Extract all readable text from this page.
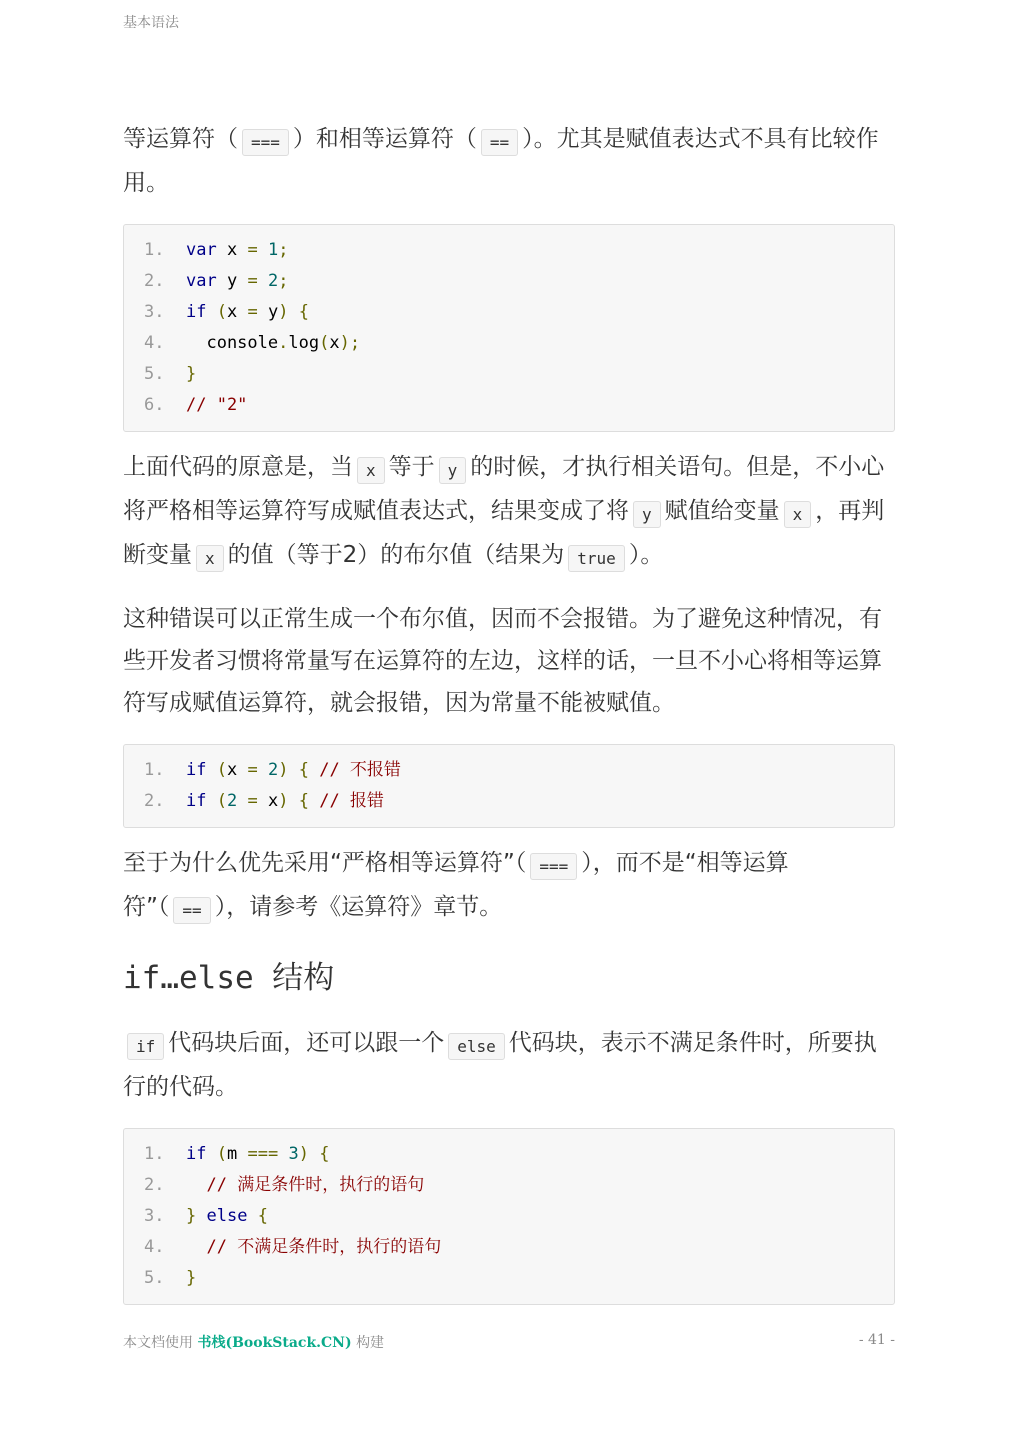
基本语法

等运算符（ === ）和相等运算符（ == ）。尤其是赋值表达式不具有比较作用。

1. var x = 1;
2. var y = 2;
3. if (x = y) {
4.  console.log(x);
5. }
6. // "2"

上面代码的原意是，当 x 等于 y 的时候，才执行相关语句。但是，不小心将严格相等运算符写成赋值表达式，结果变成了将 y 赋值给变量 x ，再判断变量 x 的值（等于2）的布尔值（结果为 true ）。

这种错误可以正常生成一个布尔值，因而不会报错。为了避免这种情况，有些开发者习惯将常量写在运算符的左边，这样的话，一旦不小心将相等运算符写成赋值运算符，就会报错，因为常量不能被赋值。

1. if (x = 2) { // 不报错
2. if (2 = x) { // 报错

至于为什么优先采用“严格相等运算符”（ === ），而不是“相等运算符”（ == ），请参考《运算符》章节。

if…else 结构

if 代码块后面，还可以跟一个 else 代码块，表示不满足条件时，所要执行的代码。

1. if (m === 3) {
2. // 满足条件时，执行的语句
3. } else {
4. // 不满足条件时，执行的语句
5. }
本文档使用 书栈(BookStack.CN) 构建	- 41 -
